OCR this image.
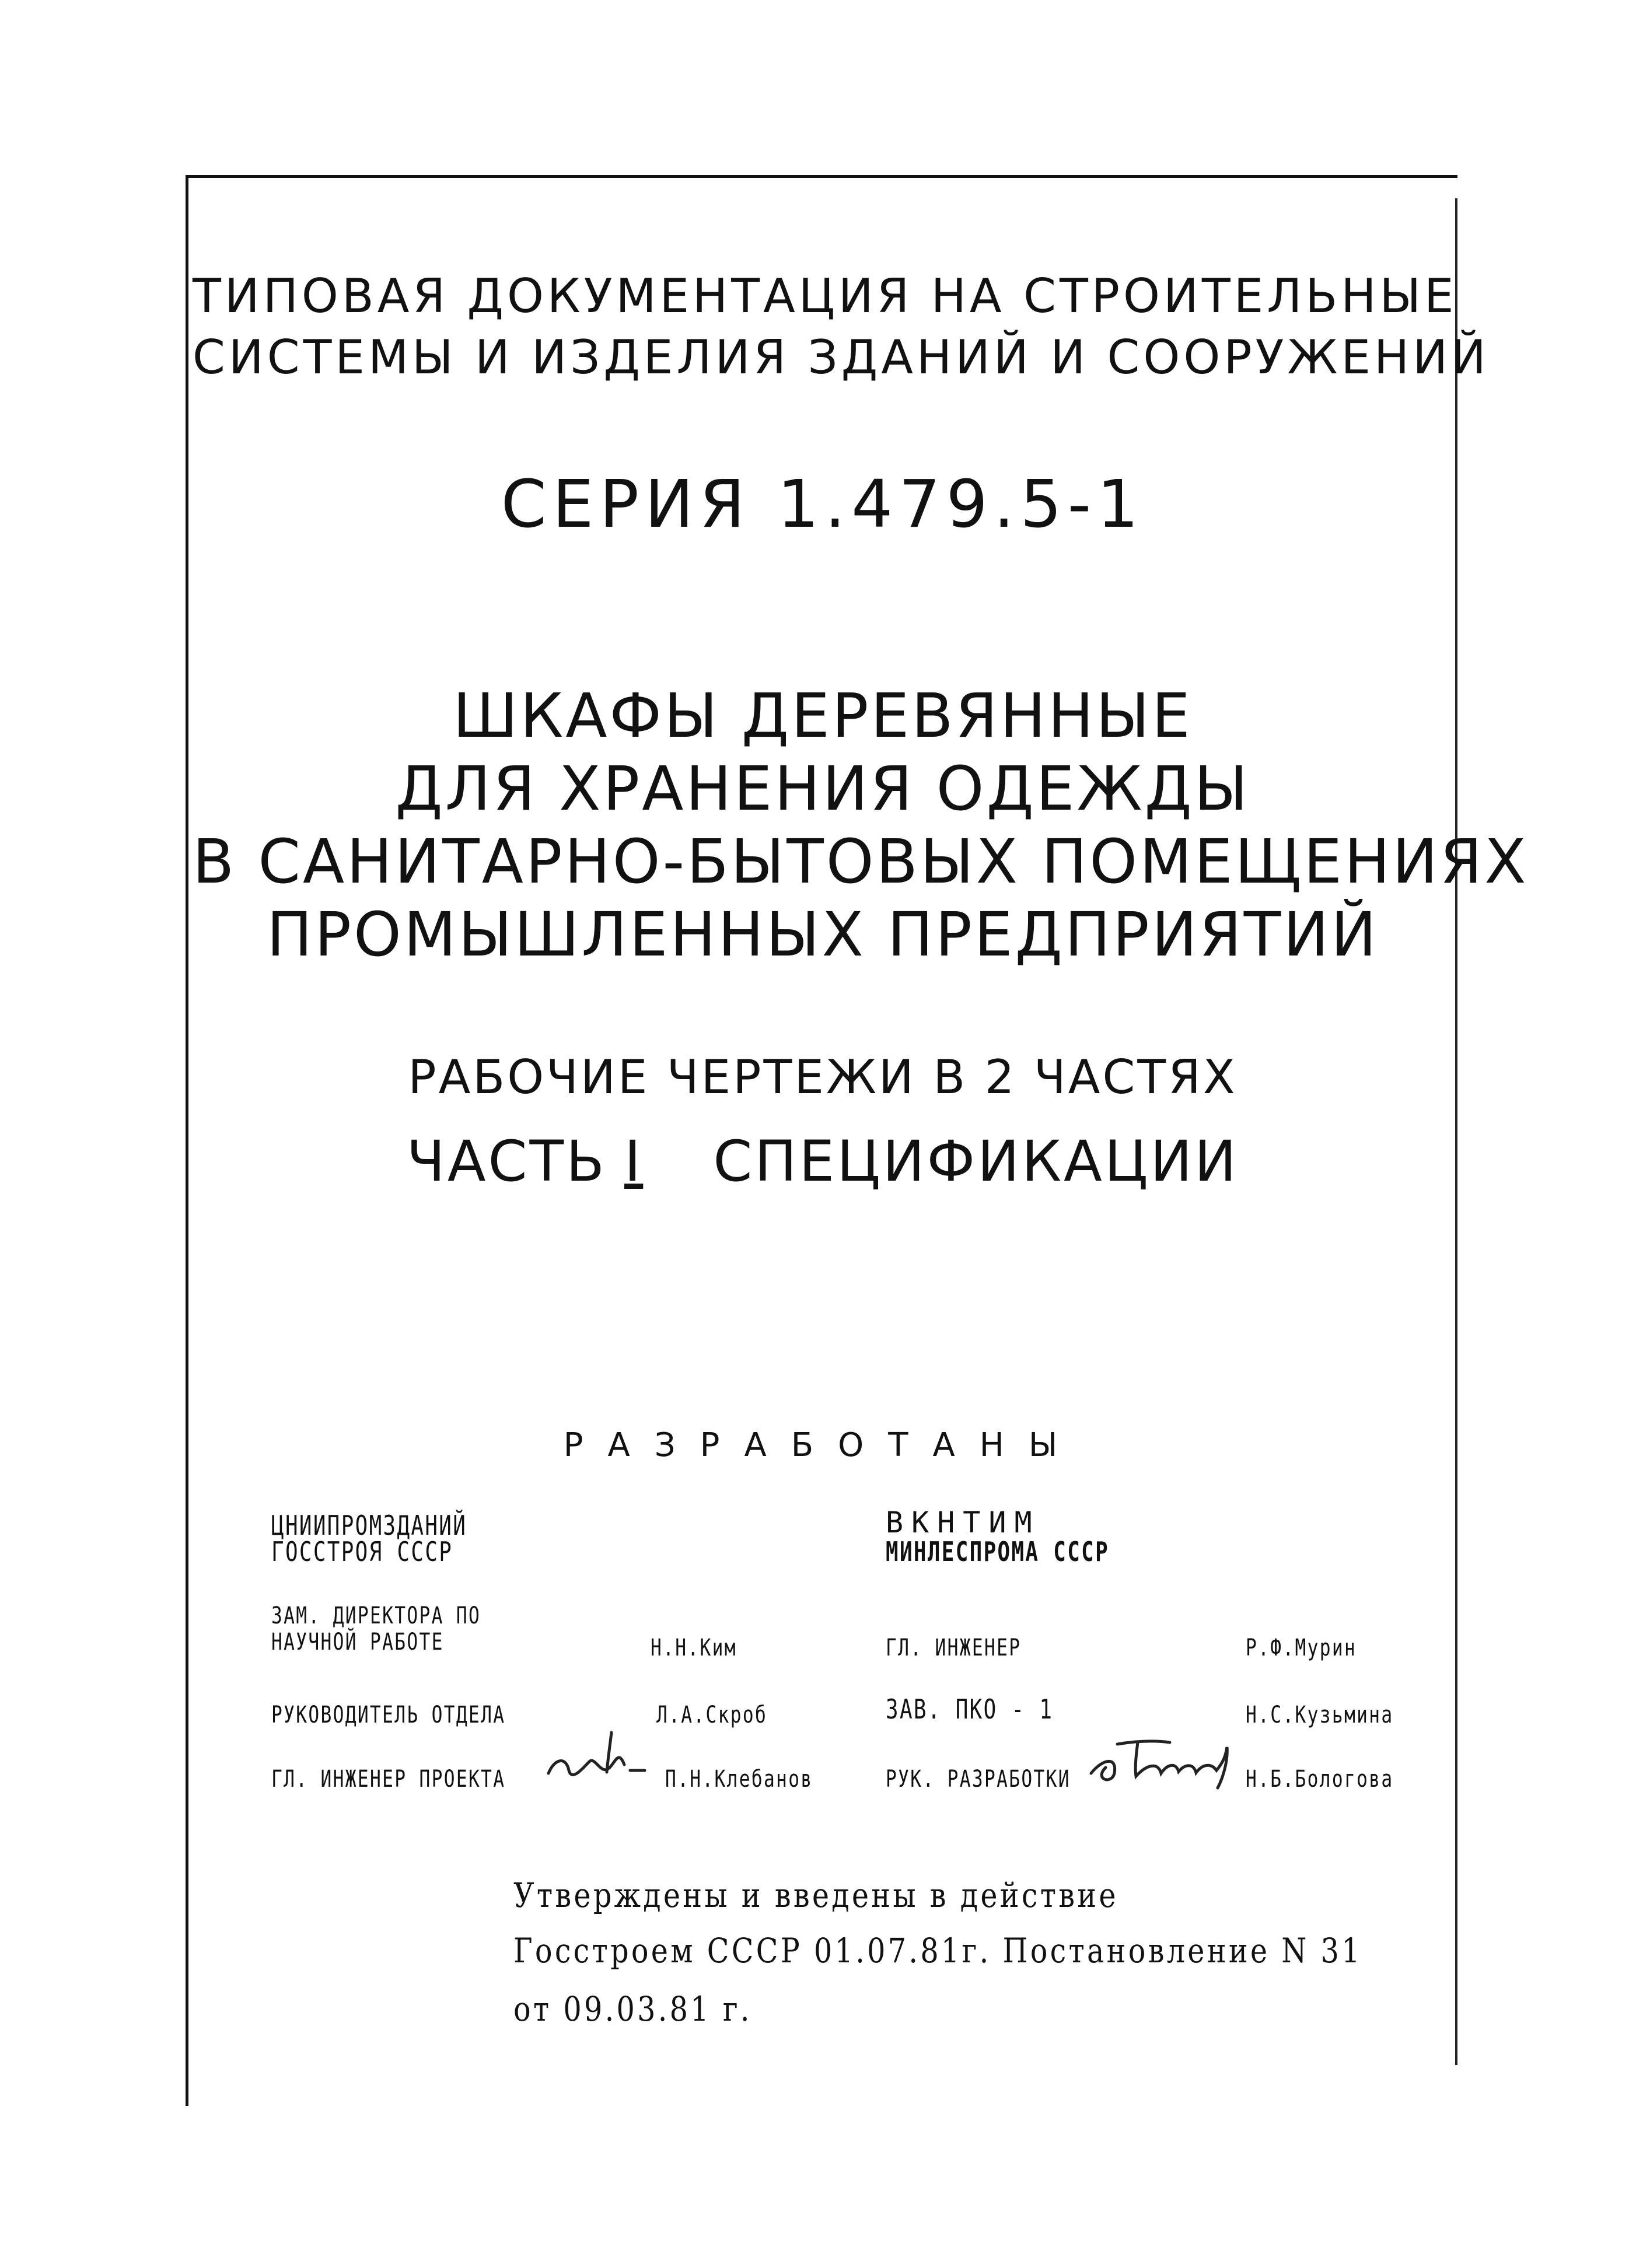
ТИПОВАЯ ДОКУМЕНТАЦИЯ НА СТРОИТЕЛЬНЫЕ
СИСТЕМЫ И ИЗДЕЛИЯ ЗДАНИЙ И СООРУЖЕНИЙ
СЕРИЯ 1.479.5-1
ШКАФЫ ДЕРЕВЯННЫЕ
ДЛЯ ХРАНЕНИЯ ОДЕЖДЫ
В САНИТАРНО-БЫТОВЫХ ПОМЕЩЕНИЯХ
ПРОМЫШЛЕННЫХ ПРЕДПРИЯТИЙ
РАБОЧИЕ ЧЕРТЕЖИ В 2 ЧАСТЯХ
ЧАСТЬ I СПЕЦИФИКАЦИИ
РАЗРАБОТАНЫ
ЦНИИПРОМЗДАНИЙ
ГОССТРОЯ СССР
ВКНТИМ
МИНЛЕСПРОМА СССР
ЗАМ. ДИРЕКТОРА ПО
НАУЧНОЙ РАБОТЕ	Н.Н.Ким
РУКОВОДИТЕЛЬ ОТДЕЛА	Л.А.Скроб
ГЛ. ИНЖЕНЕР ПРОЕКТА	П.Н.Клебанов
ГЛ. ИНЖЕНЕР	Р.Ф.Мурин
ЗАВ. ПКО - 1	Н.С.Кузьмина
РУК. РАЗРАБОТКИ	Н.Б.Бологова
Утверждены и введены в действие
Госстроем СССР 01.07.81г. Постановление N 31
от 09.03.81 г.
